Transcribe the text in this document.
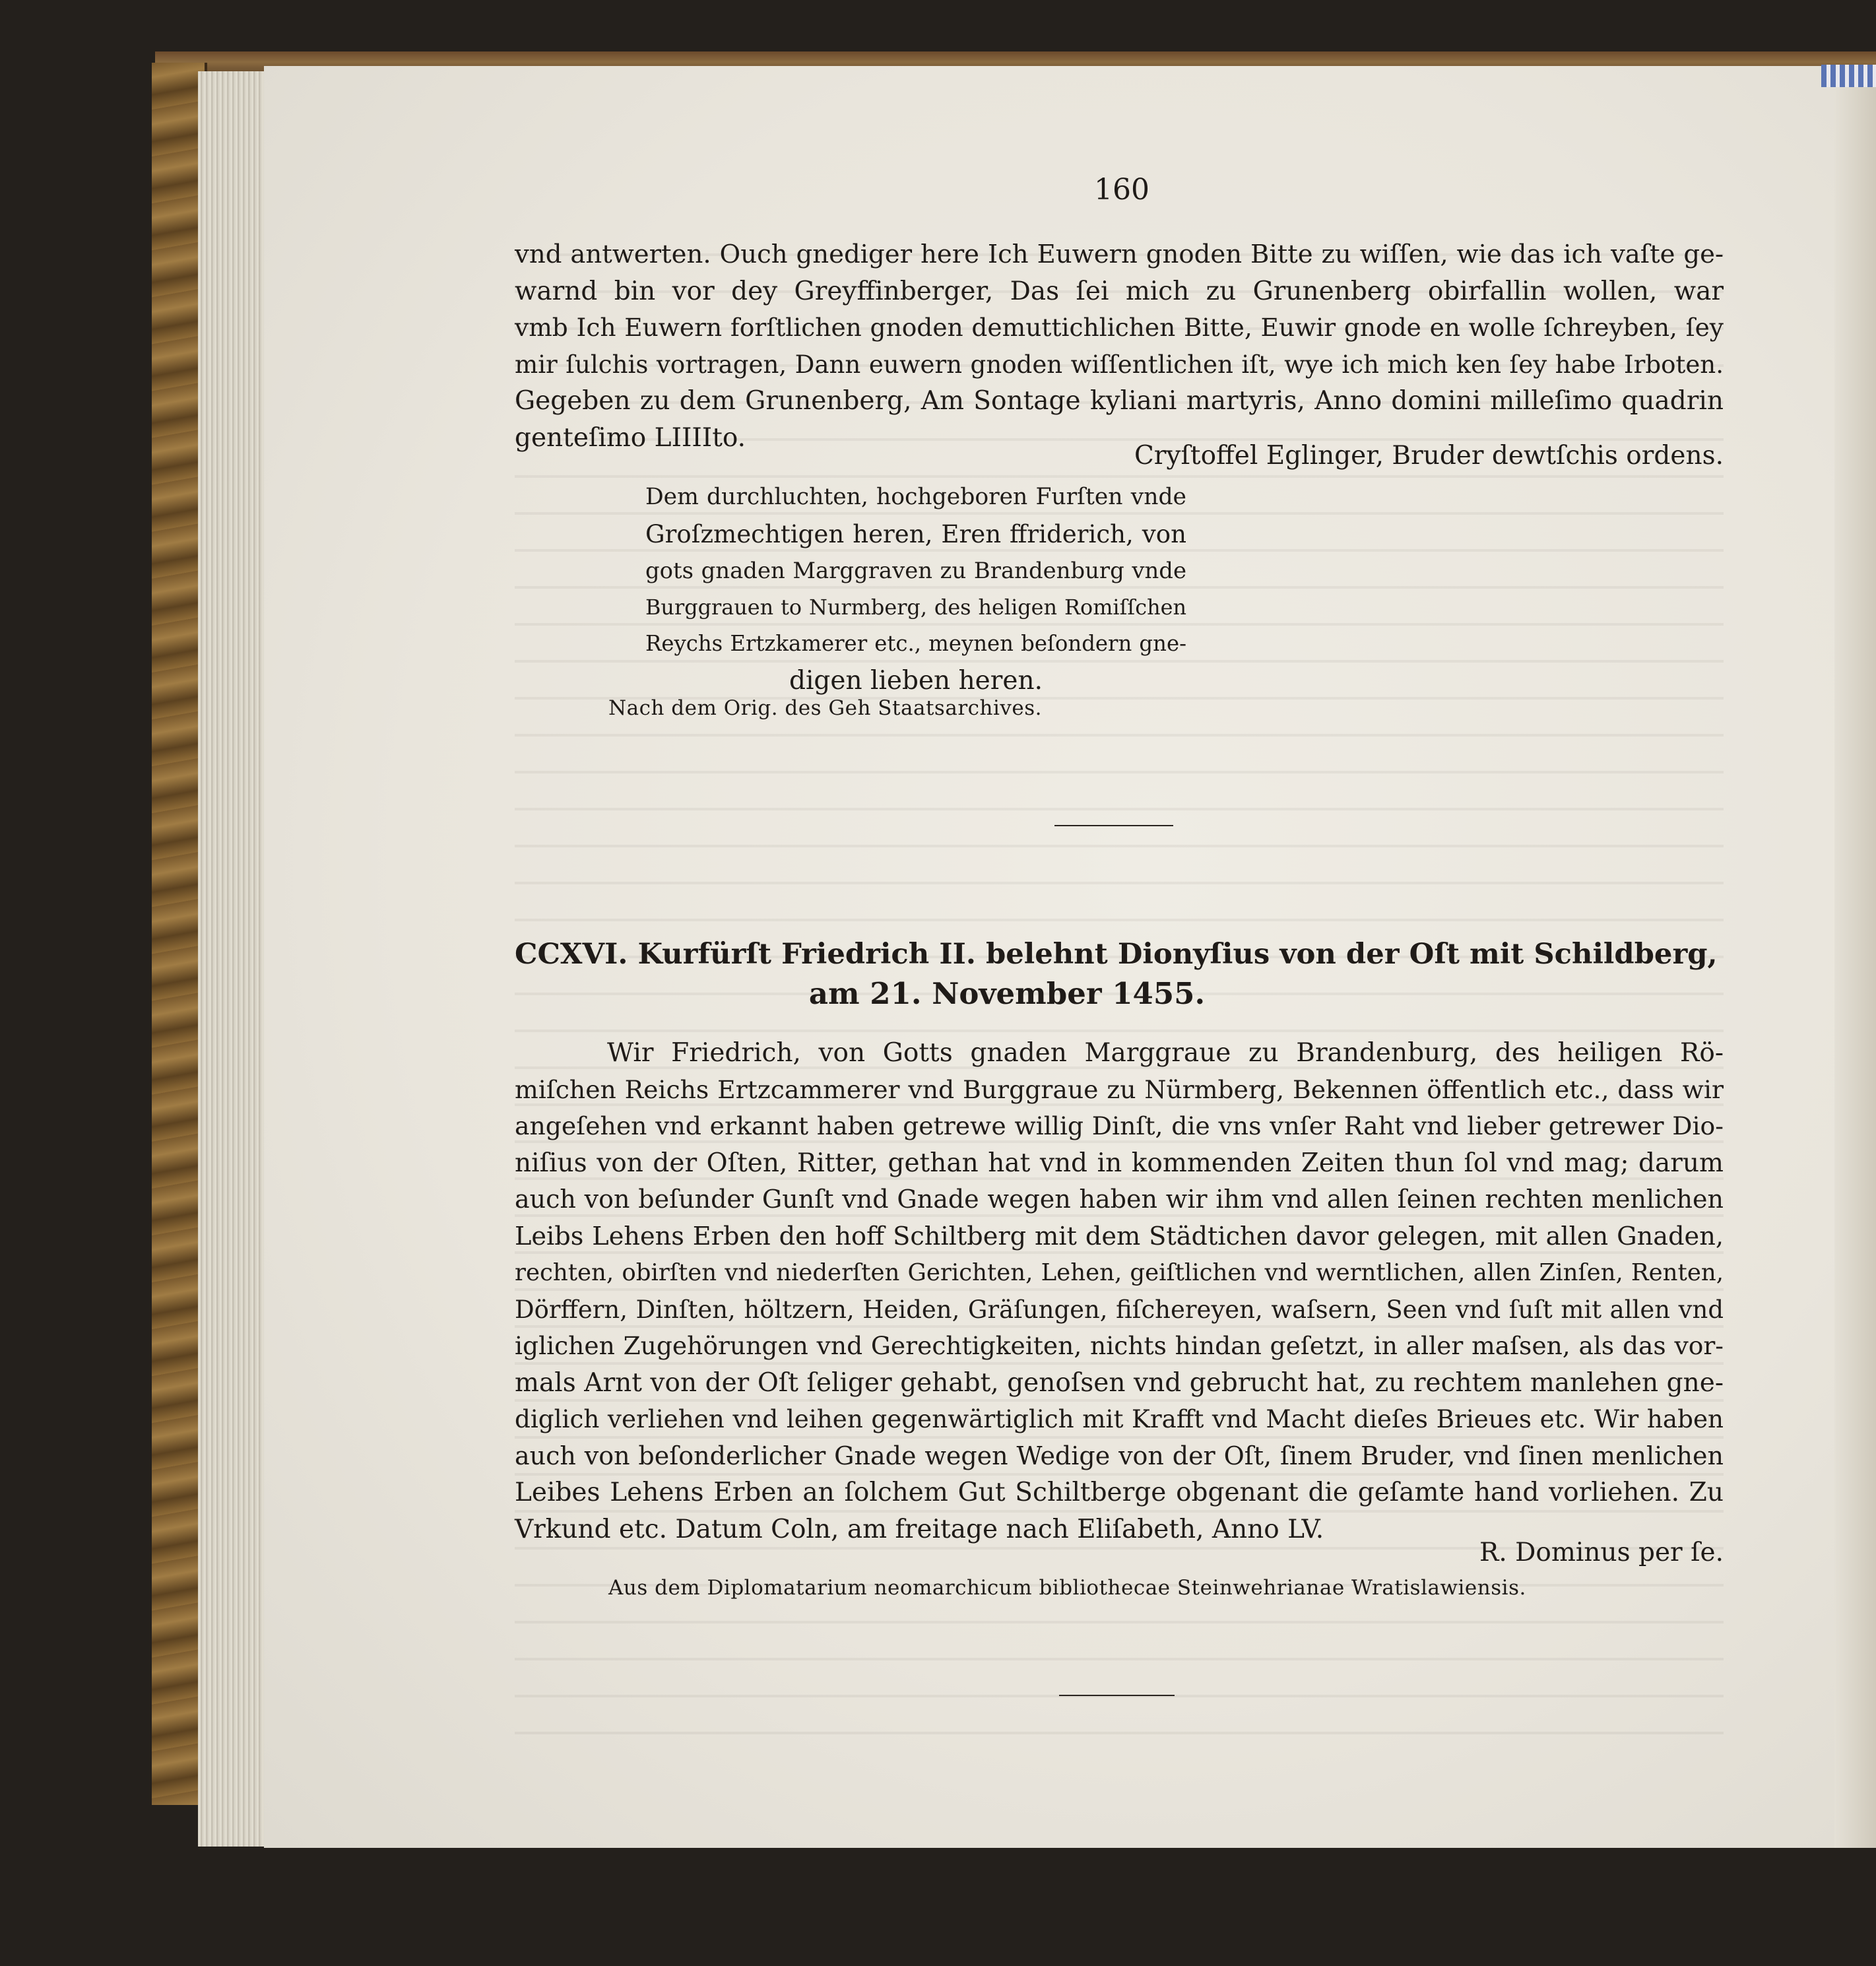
160
vnd antwerten. Ouch gnediger here Ich Euwern gnoden Bitte zu wiſſen, wie das ich vaſte ge-
warnd bin vor dey Greyffinberger, Das ſei mich zu Grunenberg obirfallin wollen, war
vmb Ich Euwern forſtlichen gnoden demuttichlichen Bitte, Euwir gnode en wolle ſchreyben, ſey
mir ſulchis vortragen, Dann euwern gnoden wiſſentlichen iſt, wye ich mich ken ſey habe Irboten.
Gegeben zu dem Grunenberg, Am Sontage kyliani martyris, Anno domini milleſimo quadrin
genteſimo LIIIIto.
Cryſtoffel Eglinger, Bruder dewtſchis ordens.
Dem durchluchten, hochgeboren Furſten vnde
Groſzmechtigen heren, Eren ffriderich, von
gots gnaden Marggraven zu Brandenburg vnde
Burggrauen to Nurmberg, des heligen Romiſſchen
Reychs Ertzkamerer etc., meynen beſondern gne-
digen lieben heren.
Nach dem Orig. des Geh Staatsarchives.
CCXVI. Kurfürſt Friedrich II. belehnt Dionyſius von der Oſt mit Schildberg,
am 21. November 1455.
Wir Friedrich, von Gotts gnaden Marggraue zu Brandenburg, des heiligen Rö-
miſchen Reichs Ertzcammerer vnd Burggraue zu Nürmberg, Bekennen öffentlich etc., dass wir
angeſehen vnd erkannt haben getrewe willig Dinſt, die vns vnſer Raht vnd lieber getrewer Dio-
niſius von der Oſten, Ritter, gethan hat vnd in kommenden Zeiten thun ſol vnd mag; darum
auch von beſunder Gunſt vnd Gnade wegen haben wir ihm vnd allen ſeinen rechten menlichen
Leibs Lehens Erben den hoff Schiltberg mit dem Städtichen davor gelegen, mit allen Gnaden,
rechten, obirſten vnd niederſten Gerichten, Lehen, geiſtlichen vnd werntlichen, allen Zinſen, Renten,
Dörffern, Dinſten, höltzern, Heiden, Gräſungen, fiſchereyen, waſsern, Seen vnd ſuſt mit allen vnd
iglichen Zugehörungen vnd Gerechtigkeiten, nichts hindan geſetzt, in aller maſsen, als das vor-
mals Arnt von der Oſt ſeliger gehabt, genoſsen vnd gebrucht hat, zu rechtem manlehen gne-
diglich verliehen vnd leihen gegenwärtiglich mit Krafft vnd Macht dieſes Brieues etc. Wir haben
auch von beſonderlicher Gnade wegen Wedige von der Oſt, ſinem Bruder, vnd ſinen menlichen
Leibes Lehens Erben an ſolchem Gut Schiltberge obgenant die geſamte hand vorliehen. Zu
Vrkund etc. Datum Coln, am freitage nach Eliſabeth, Anno LV.
R. Dominus per ſe.
Aus dem Diplomatarium neomarchicum bibliothecae Steinwehrianae Wratislawiensis.
